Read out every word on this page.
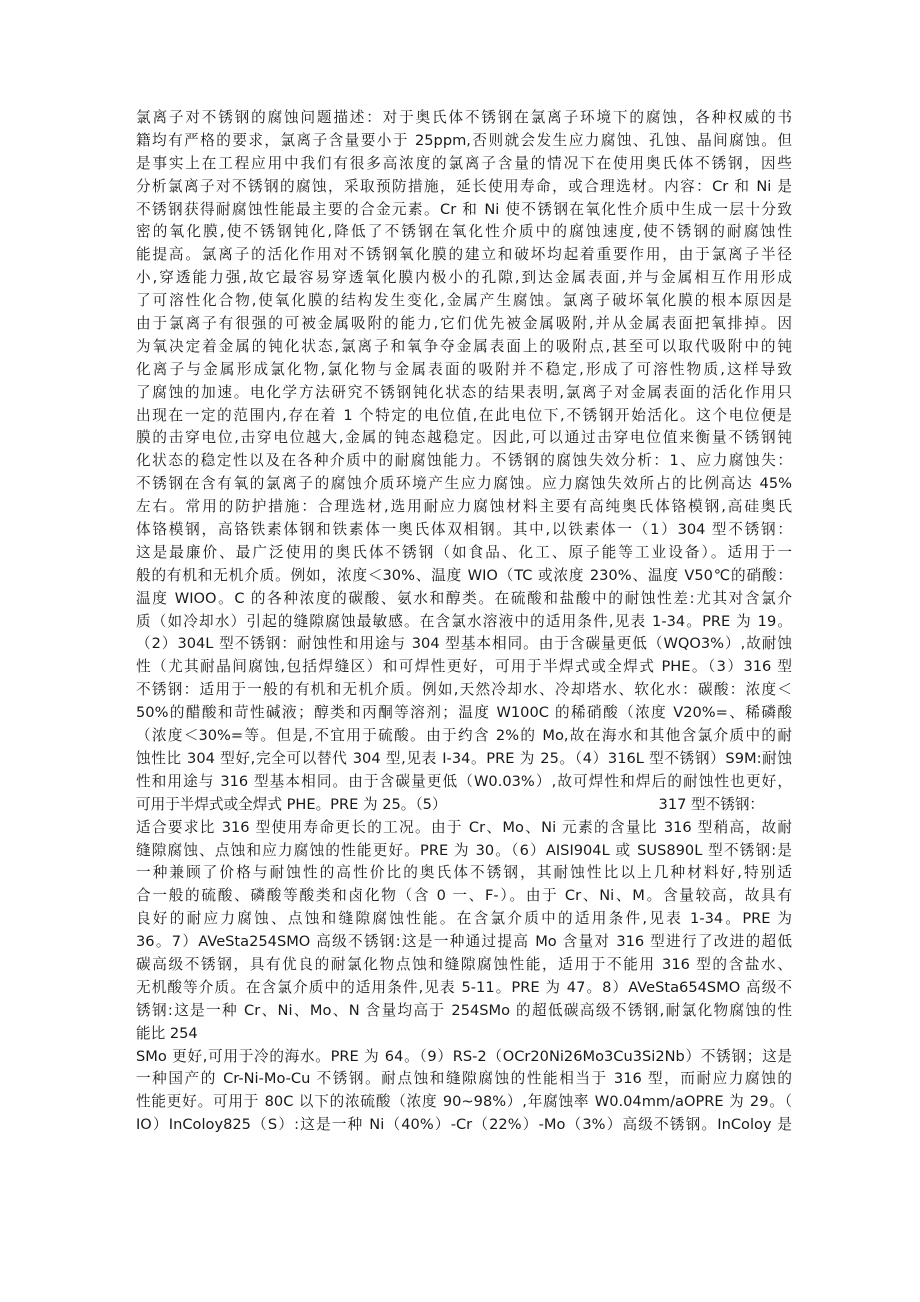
氯离子对不锈钢的腐蚀问题描述：对于奥氏体不锈钢在氯离子环境下的腐蚀，各种权威的书
籍均有严格的要求，氯离子含量要小于 25ppm,否则就会发生应力腐蚀、孔蚀、晶间腐蚀。但
是事实上在工程应用中我们有很多高浓度的氯离子含量的情况下在使用奥氏体不锈钢，因些
分析氯离子对不锈钢的腐蚀，采取预防措施，延长使用寿命，或合理选材。内容：Cr 和 Ni 是
不锈钢获得耐腐蚀性能最主要的合金元素。Cr 和 Ni 使不锈钢在氧化性介质中生成一层十分致
密的氧化膜,使不锈钢钝化,降低了不锈钢在氧化性介质中的腐蚀速度,使不锈钢的耐腐蚀性
能提高。氯离子的活化作用对不锈钢氧化膜的建立和破坏均起着重要作用，由于氯离子半径
小,穿透能力强,故它最容易穿透氧化膜内极小的孔隙,到达金属表面,并与金属相互作用形成
了可溶性化合物,使氧化膜的结构发生变化,金属产生腐蚀。氯离子破坏氧化膜的根本原因是
由于氯离子有很强的可被金属吸附的能力,它们优先被金属吸附,并从金属表面把氧排掉。因
为氧决定着金属的钝化状态,氯离子和氧争夺金属表面上的吸附点,甚至可以取代吸附中的钝
化离子与金属形成氯化物,氯化物与金属表面的吸附并不稳定,形成了可溶性物质,这样导致
了腐蚀的加速。电化学方法研究不锈钢钝化状态的结果表明,氯离子对金属表面的活化作用只
出现在一定的范围内,存在着 1 个特定的电位值,在此电位下,不锈钢开始活化。这个电位便是
膜的击穿电位,击穿电位越大,金属的钝态越稳定。因此,可以通过击穿电位值来衡量不锈钢钝
化状态的稳定性以及在各种介质中的耐腐蚀能力。不锈钢的腐蚀失效分析：1、应力腐蚀失：
不锈钢在含有氧的氯离子的腐蚀介质环境产生应力腐蚀。应力腐蚀失效所占的比例高达 45%
左右。常用的防护措施：合理选材,选用耐应力腐蚀材料主要有高纯奥氏体铬模钢,高硅奥氏
体铬模钢，高铬铁素体钢和铁素体一奥氏体双相钢。其中,以铁素体一（1）304 型不锈钢：
这是最廉价、最广泛使用的奥氏体不锈钢（如食品、化工、原子能等工业设备）。适用于一
般的有机和无机介质。例如，浓度＜30%、温度 WIO（TC 或浓度 230%、温度 V50℃的硝酸：
温度 WIOO。C 的各种浓度的碳酸、氨水和醇类。在硫酸和盐酸中的耐蚀性差:尤其对含氯介
质（如冷却水）引起的缝隙腐蚀最敏感。在含氯水溶液中的适用条件,见表 1-34。PRE 为 19。
（2）304L 型不锈钢：耐蚀性和用途与 304 型基本相同。由于含碳量更低（WQO3%）,故耐蚀
性（尤其耐晶间腐蚀,包括焊缝区）和可焊性更好，可用于半焊式或全焊式 PHE。（3）316 型
不锈钢：适用于一般的有机和无机介质。例如,天然冷却水、冷却塔水、软化水：碳酸：浓度＜
50%的醋酸和苛性碱液；醇类和丙酮等溶剂；温度 W100C 的稀硝酸（浓度 V20%=、稀磷酸
（浓度＜30%=等。但是,不宜用于硫酸。由于约含 2%的 Mo,故在海水和其他含氯介质中的耐
蚀性比 304 型好,完全可以替代 304 型,见表 I-34。PRE 为 25。（4）316L 型不锈钢）S9M:耐蚀
性和用途与 316 型基本相同。由于含碳量更低（W0.03%）,故可焊性和焊后的耐蚀性也更好，
可用于半焊式或全焊式 PHE。PRE 为 25。（5）	317 型不锈钢：
适合要求比 316 型使用寿命更长的工况。由于 Cr、Mo、Ni 元素的含量比 316 型稍高，故耐
缝隙腐蚀、点蚀和应力腐蚀的性能更好。PRE 为 30。（6）AISI904L 或 SUS890L 型不锈钢:是
一种兼顾了价格与耐蚀性的高性价比的奥氏体不锈钢，其耐蚀性比以上几种材料好,特别适
合一般的硫酸、磷酸等酸类和卤化物（含 0 一、F-）。由于 Cr、Ni、M。含量较高，故具有
良好的耐应力腐蚀、点蚀和缝隙腐蚀性能。在含氯介质中的适用条件,见表 1-34。PRE 为
36。7）AVeSta254SMO 高级不锈钢:这是一种通过提高 Mo 含量对 316 型进行了改进的超低
碳高级不锈钢，具有优良的耐氯化物点蚀和缝隙腐蚀性能，适用于不能用 316 型的含盐水、
无机酸等介质。在含氯介质中的适用条件,见表 5-11。PRE 为 47。8）AVeSta654SMO 高级不
锈钢:这是一种 Cr、Ni、Mo、N 含量均高于 254SMo 的超低碳高级不锈钢,耐氯化物腐蚀的性
能比 254
SMo 更好,可用于冷的海水。PRE 为 64。（9）RS-2（OCr20Ni26Mo3Cu3Si2Nb）不锈钢；这是
一种国产的 Cr-Ni-Mo-Cu 不锈钢。耐点蚀和缝隙腐蚀的性能相当于 316 型，而耐应力腐蚀的
性能更好。可用于 80C 以下的浓硫酸（浓度 90~98%）,年腐蚀率 W0.04mm∕aOPRE 为 29。（
IO）InColoy825（S）:这是一种 Ni（40%）-Cr（22%）-Mo（3%）高级不锈钢。InColoy 是
